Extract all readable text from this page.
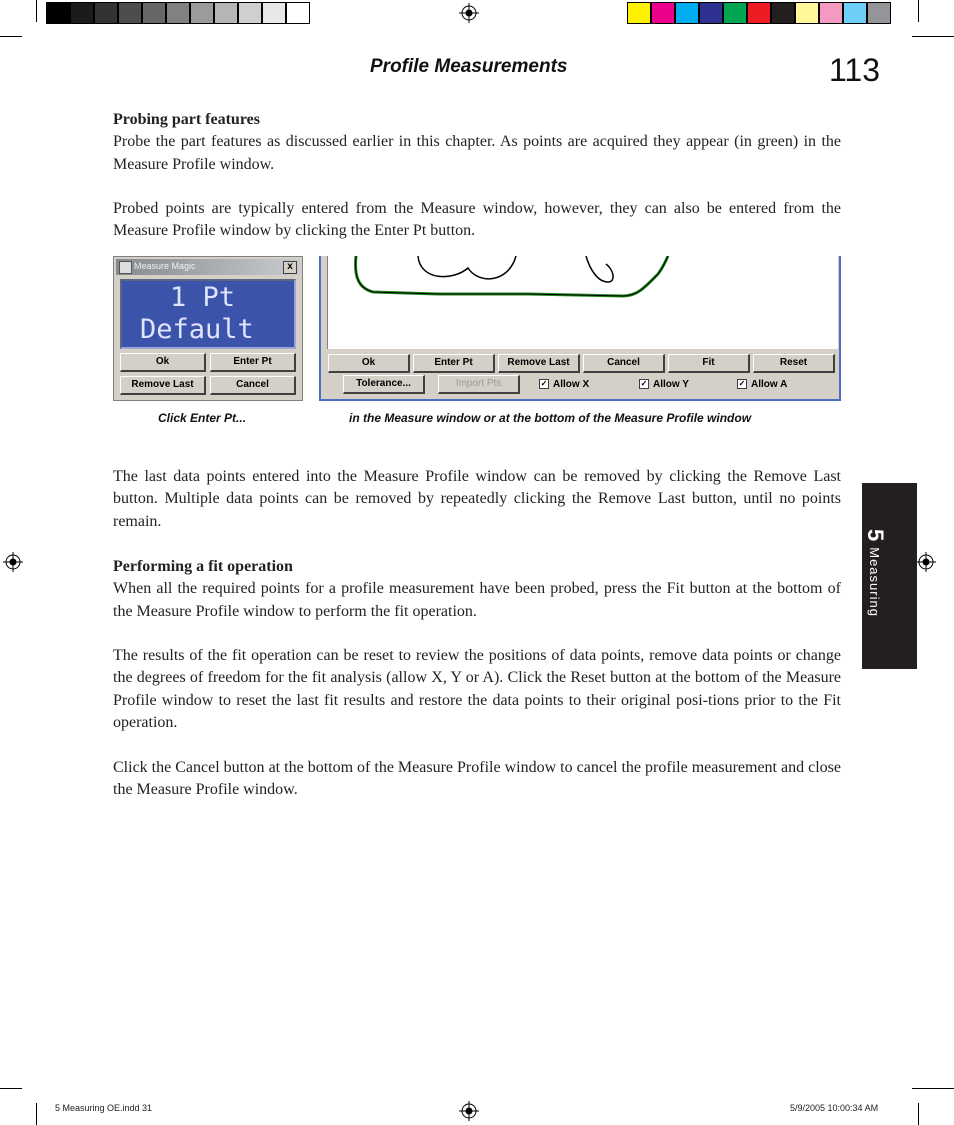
Profile Measurements	113
Probing part features
Probe the part features as discussed earlier in this chapter. As points are acquired they appear (in green) in the Measure Profile window.
Probed points are typically entered from the Measure window, however, they can also be entered from the Measure Profile window by clicking the Enter Pt button.
Measure Magic	x
1 Pt
Default
Ok	Enter Pt
Remove Last	Cancel
Ok	Enter Pt	Remove Last	Cancel	Fit	Reset
Tolerance...	Import Pts	✓ Allow X	✓ Allow Y	✓ Allow A
Click Enter Pt...	in the Measure window or at the bottom of the Measure Profile window
The last data points entered into the Measure Profile window can be removed by clicking the Remove Last button. Multiple data points can be removed by repeatedly clicking the Remove Last button, until no points remain.
Performing a fit operation
When all the required points for a profile measurement have been probed, press the Fit button at the bottom of the Measure Profile window to perform the fit operation.
The results of the fit operation can be reset to review the positions of data points, remove data points or change the degrees of freedom for the fit analysis (allow X, Y or A). Click the Reset button at the bottom of the Measure Profile window to reset the last fit results and restore the data points to their original posi-tions prior to the Fit operation.
Click the Cancel button at the bottom of the Measure Profile window to cancel the profile measurement and close the Measure Profile window.
5Measuring
5 Measuring OE.indd 31	5/9/2005 10:00:34 AM
